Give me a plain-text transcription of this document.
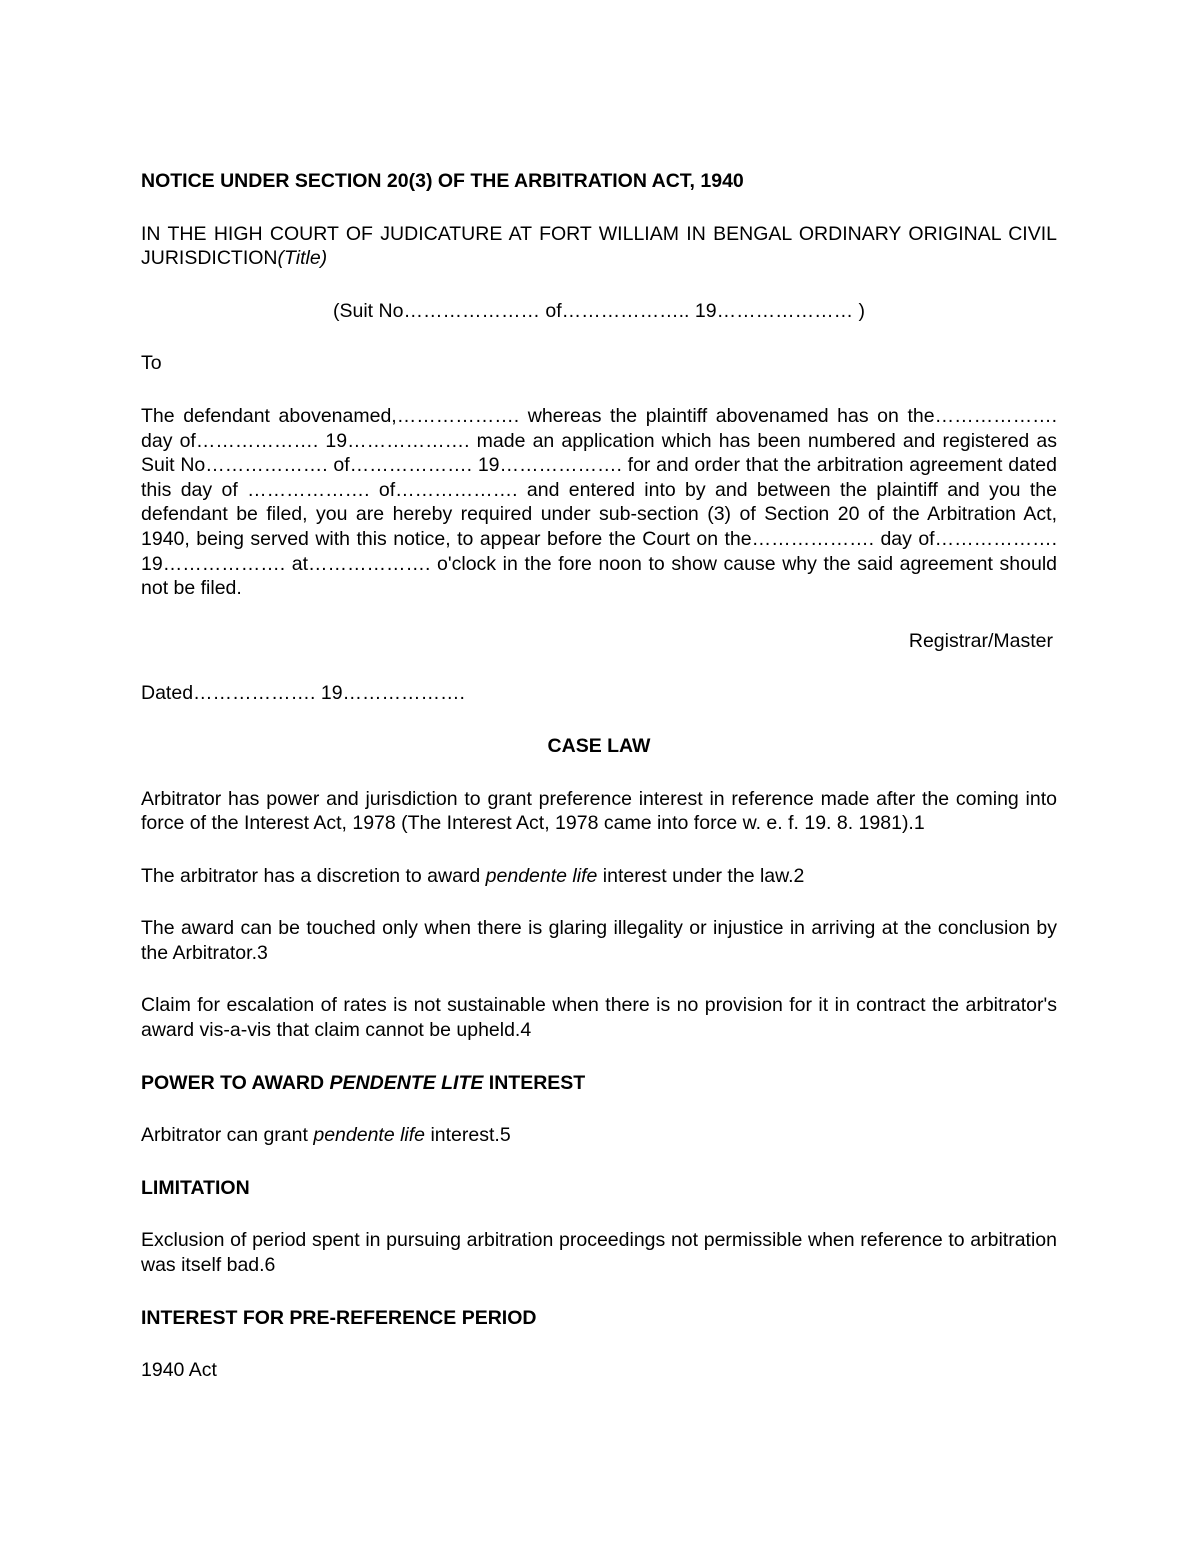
NOTICE UNDER SECTION 20(3) OF THE ARBITRATION ACT, 1940

IN THE HIGH COURT OF JUDICATURE AT FORT WILLIAM IN BENGAL ORDINARY ORIGINAL CIVIL JURISDICTION(Title)

(Suit No………………… of……………….. 19………………… )

To

The defendant abovenamed,………………. whereas the plaintiff abovenamed has on the………………. day of………………. 19………………. made an application which has been numbered and registered as Suit No………………. of………………. 19………………. for and order that the arbitration agreement dated this day of ………………. of………………. and entered into by and between the plaintiff and you the defendant be filed, you are hereby required under sub-section (3) of Section 20 of the Arbitration Act, 1940, being served with this notice, to appear before the Court on the………………. day of………………. 19………………. at………………. o'clock in the fore noon to show cause why the said agreement should not be filed.

Registrar/Master

Dated………………. 19……………….

CASE LAW

Arbitrator has power and jurisdiction to grant preference interest in reference made after the coming into force of the Interest Act, 1978 (The Interest Act, 1978 came into force w. e. f. 19. 8. 1981).1

The arbitrator has a discretion to award pendente life interest under the law.2

The award can be touched only when there is glaring illegality or injustice in arriving at the conclusion by the Arbitrator.3

Claim for escalation of rates is not sustainable when there is no provision for it in contract the arbitrator's award vis-a-vis that claim cannot be upheld.4

POWER TO AWARD PENDENTE LITE INTEREST

Arbitrator can grant pendente life interest.5

LIMITATION

Exclusion of period spent in pursuing arbitration proceedings not permissible when reference to arbitration was itself bad.6

INTEREST FOR PRE-REFERENCE PERIOD

1940 Act
